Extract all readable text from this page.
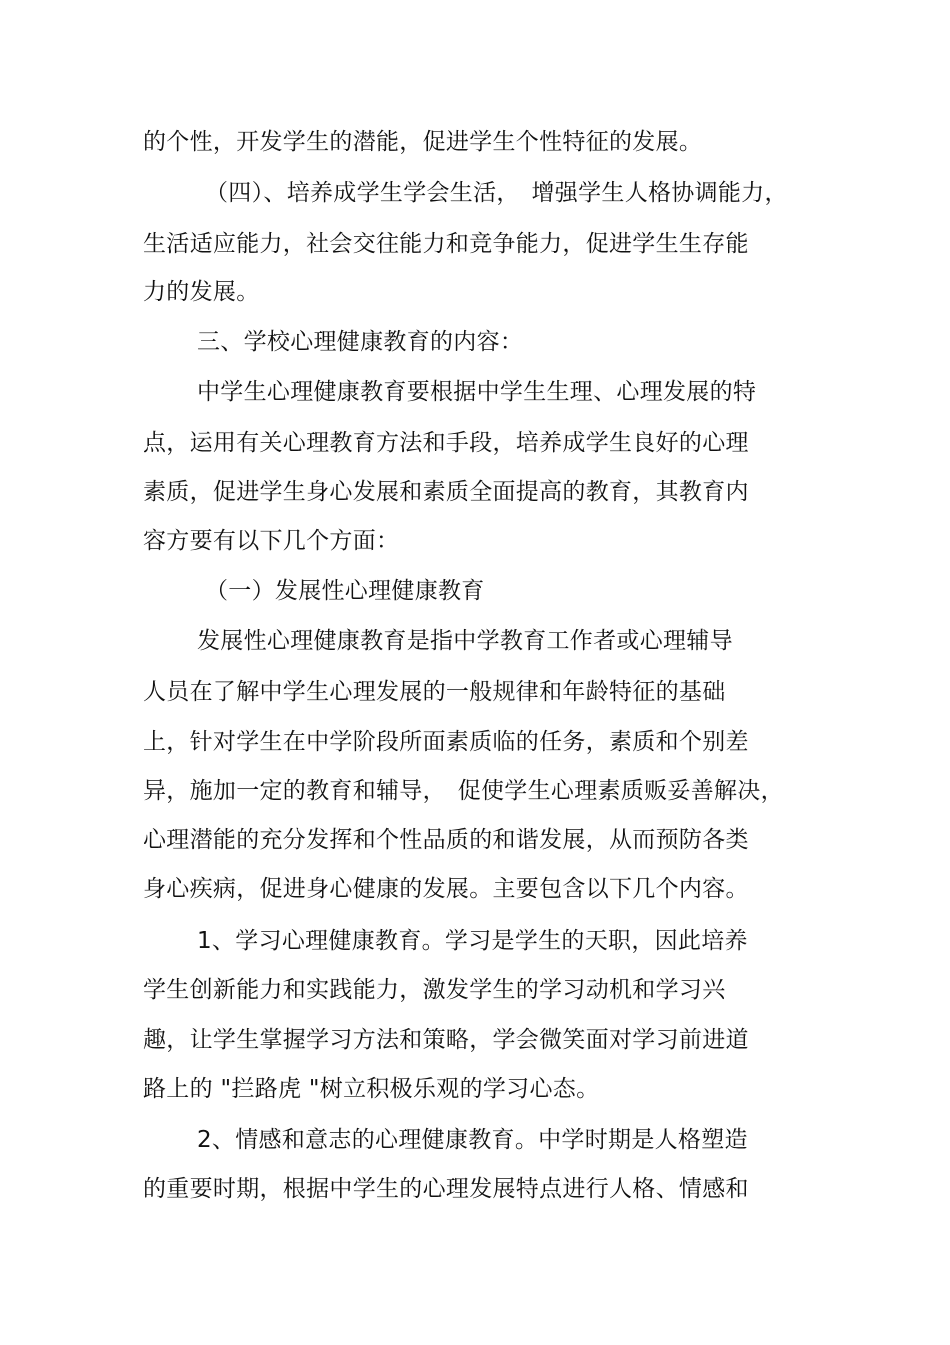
的个性，开发学生的潜能，促进学生个性特征的发展。
（四）、培养成学生学会生活，　增强学生人格协调能力，
生活适应能力，社会交往能力和竞争能力，促进学生生存能
力的发展。
三、学校心理健康教育的内容：
中学生心理健康教育要根据中学生生理、心理发展的特
点，运用有关心理教育方法和手段，培养成学生良好的心理
素质，促进学生身心发展和素质全面提高的教育，其教育内
容方要有以下几个方面：
（一）发展性心理健康教育
发展性心理健康教育是指中学教育工作者或心理辅导
人员在了解中学生心理发展的一般规律和年龄特征的基础
上，针对学生在中学阶段所面素质临的任务，素质和个别差
异，施加一定的教育和辅导，　促使学生心理素质贩妥善解决，
心理潜能的充分发挥和个性品质的和谐发展，从而预防各类
身心疾病，促进身心健康的发展。主要包含以下几个内容。
1、学习心理健康教育。学习是学生的天职，因此培养
学生创新能力和实践能力，激发学生的学习动机和学习兴
趣，让学生掌握学习方法和策略，学会微笑面对学习前进道
路上的 "拦路虎 "树立积极乐观的学习心态。
2、情感和意志的心理健康教育。中学时期是人格塑造
的重要时期，根据中学生的心理发展特点进行人格、情感和
